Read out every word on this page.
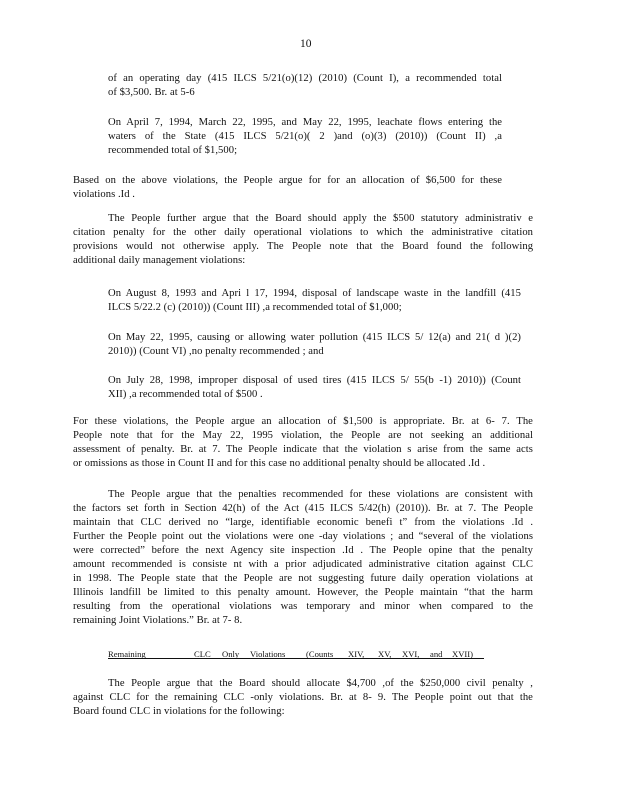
10
of an operating day (415 ILCS 5/21(o)(12) (2010) (Count I), a recommended total
of $3,500. Br. at 5-6
On April 7, 1994, March 22, 1995, and May 22, 1995, leachate flows entering the
waters of the State (415 ILCS 5/21(o)( 2 )and (o)(3) (2010)) (Count II) ,a
recommended total of $1,500;
Based on the above violations, the People argue for for an allocation of $6,500 for these
violations .Id .
The People further argue that the Board should apply the $500 statutory administrativ e
citation penalty for the other daily operational violations to which the administrative citation
provisions would not otherwise apply. The People note that the Board found the following
additional daily management violations:
On August 8, 1993 and Apri l 17, 1994, disposal of landscape waste in the landfill (415
ILCS 5/22.2 (c) (2010)) (Count III) ,a recommended total of $1,000;
On May 22, 1995, causing or allowing water pollution (415 ILCS 5/ 12(a) and 21( d )(2)
2010)) (Count VI) ,no penalty recommended ; and
On July 28, 1998, improper disposal of used tires (415 ILCS 5/ 55(b -1) 2010)) (Count
XII) ,a recommended total of $500 .
For these violations, the People argue an allocation of $1,500 is appropriate. Br. at 6- 7. The
People note that for the May 22, 1995 violation, the People are not seeking an additional
assessment of penalty. Br. at 7. The People indicate that the violation s arise from the same acts
or omissions as those in Count II and for this case no additional penalty should be allocated .Id .
The People argue that the penalties recommended for these violations are consistent with
the factors set forth in Section 42(h) of the Act (415 ILCS 5/42(h) (2010)). Br. at 7. The People
maintain that CLC derived no “large, identifiable economic benefi t” from the violations .Id .
Further the People point out the violations were one -day violations ; and “several of the violations
were corrected” before the next Agency site inspection .Id . The People opine that the penalty
amount recommended is consiste nt with a prior adjudicated administrative citation against CLC
in 1998. The People state that the People are not suggesting future daily operation violations at
Illinois landfill be limited to this penalty amount. However, the People maintain “that the harm
resulting from the operational violations was temporary and minor when compared to the
remaining Joint Violations.” Br. at 7- 8.
The People argue that the Board should allocate $4,700 ,of the $250,000 civil penalty ,
against CLC for the remaining CLC -only violations. Br. at 8- 9. The People point out that the
Board found CLC in violations for the following:
Remaining	CLC Only Violations (Counts XIV, XV, XVI, and XVII)
